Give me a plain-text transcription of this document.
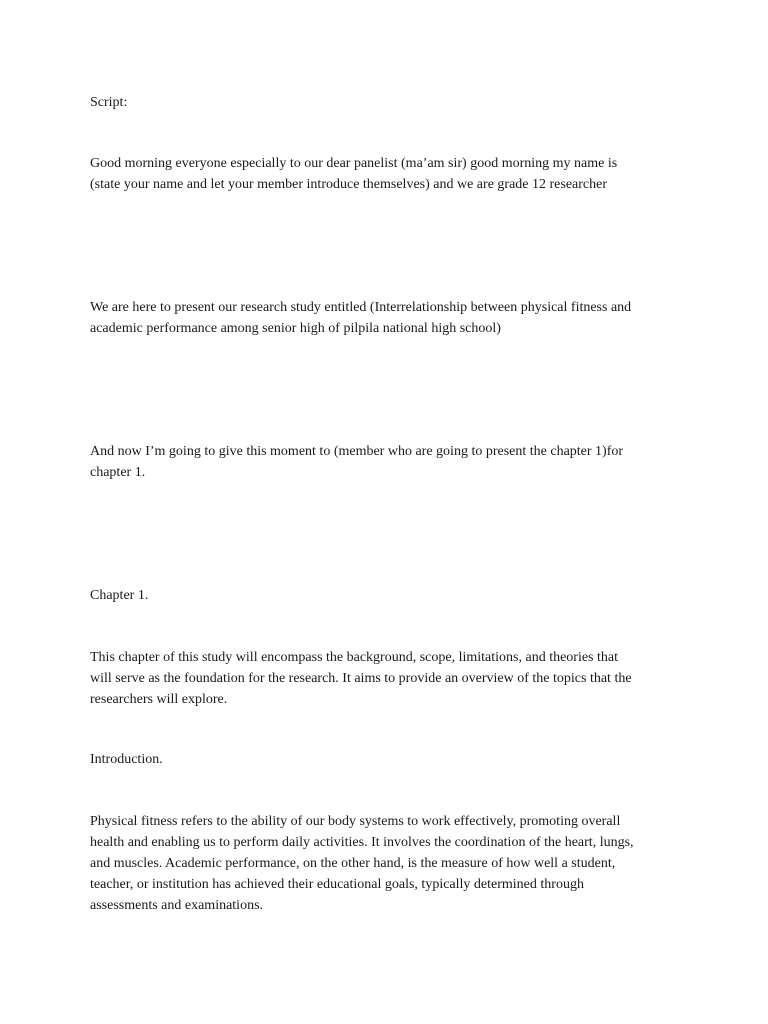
Script:

Good morning everyone especially to our dear panelist (ma’am sir) good morning my name is
(state your name and let your member introduce themselves) and we are grade 12 researcher

We are here to present our research study entitled (Interrelationship between physical fitness and
academic performance among senior high of pilpila national high school)

And now I’m going to give this moment to (member who are going to present the chapter 1)for
chapter 1.

Chapter 1.

This chapter of this study will encompass the background, scope, limitations, and theories that
will serve as the foundation for the research. It aims to provide an overview of the topics that the
researchers will explore.

Introduction.

Physical fitness refers to the ability of our body systems to work effectively, promoting overall
health and enabling us to perform daily activities. It involves the coordination of the heart, lungs,
and muscles. Academic performance, on the other hand, is the measure of how well a student,
teacher, or institution has achieved their educational goals, typically determined through
assessments and examinations.
